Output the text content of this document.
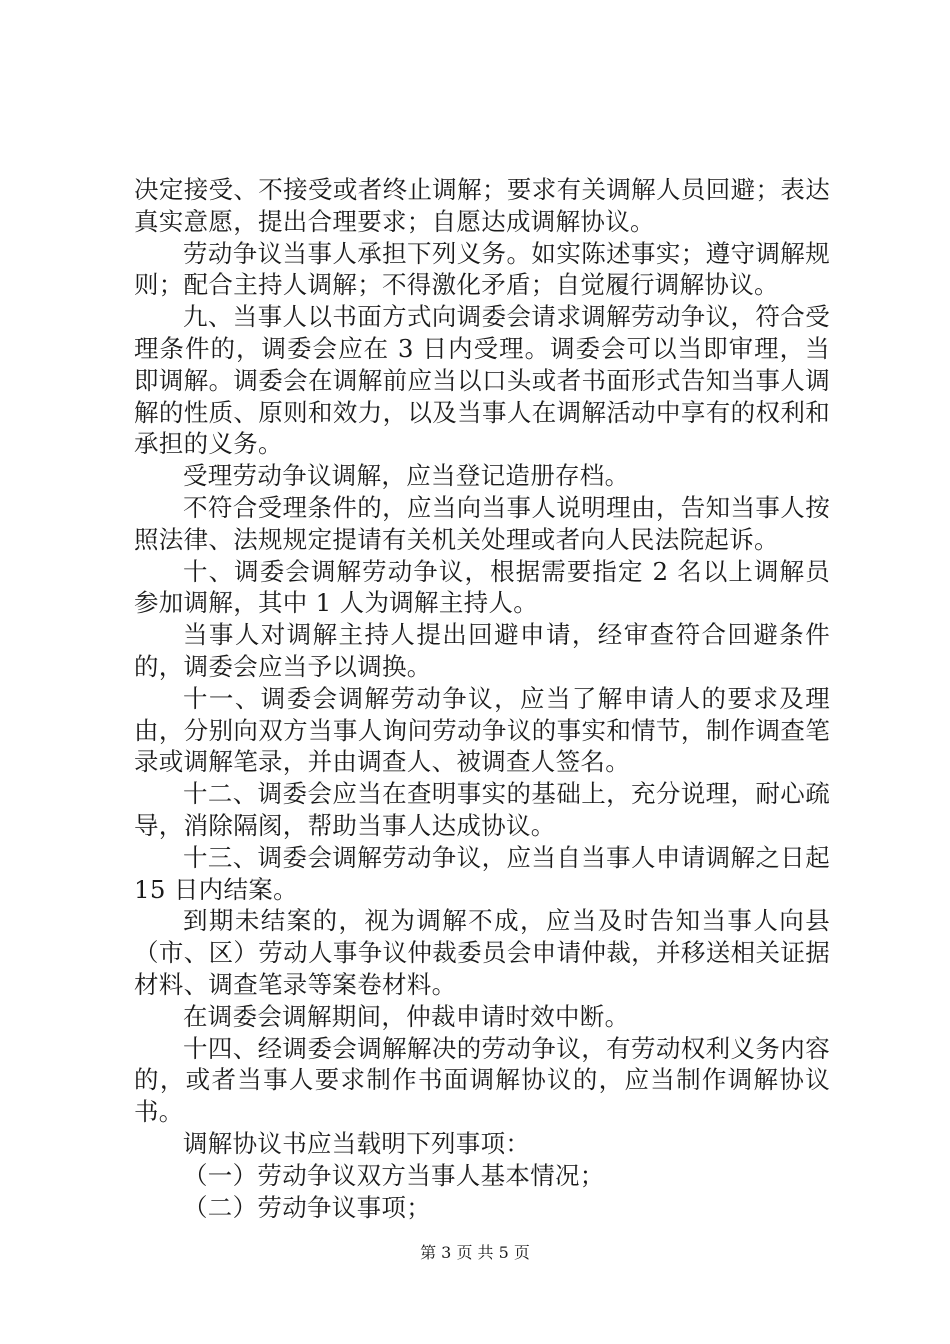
决定接受、不接受或者终止调解；要求有关调解人员回避；表达真实意愿，提出合理要求；自愿达成调解协议。

劳动争议当事人承担下列义务。如实陈述事实；遵守调解规则；配合主持人调解；不得激化矛盾；自觉履行调解协议。

九、当事人以书面方式向调委会请求调解劳动争议，符合受理条件的，调委会应在 3 日内受理。调委会可以当即审理，当即调解。调委会在调解前应当以口头或者书面形式告知当事人调解的性质、原则和效力，以及当事人在调解活动中享有的权利和承担的义务。

受理劳动争议调解，应当登记造册存档。

不符合受理条件的，应当向当事人说明理由，告知当事人按照法律、法规规定提请有关机关处理或者向人民法院起诉。

十、调委会调解劳动争议，根据需要指定 2 名以上调解员参加调解，其中 1 人为调解主持人。

当事人对调解主持人提出回避申请，经审查符合回避条件的，调委会应当予以调换。

十一、调委会调解劳动争议，应当了解申请人的要求及理由，分别向双方当事人询问劳动争议的事实和情节，制作调查笔录或调解笔录，并由调查人、被调查人签名。

十二、调委会应当在查明事实的基础上，充分说理，耐心疏导，消除隔阂，帮助当事人达成协议。

十三、调委会调解劳动争议，应当自当事人申请调解之日起 15 日内结案。

到期未结案的，视为调解不成，应当及时告知当事人向县（市、区）劳动人事争议仲裁委员会申请仲裁，并移送相关证据材料、调查笔录等案卷材料。

在调委会调解期间，仲裁申请时效中断。

十四、经调委会调解解决的劳动争议，有劳动权利义务内容的，或者当事人要求制作书面调解协议的，应当制作调解协议书。

调解协议书应当载明下列事项：

（一）劳动争议双方当事人基本情况；

（二）劳动争议事项；

第 3 页 共 5 页
